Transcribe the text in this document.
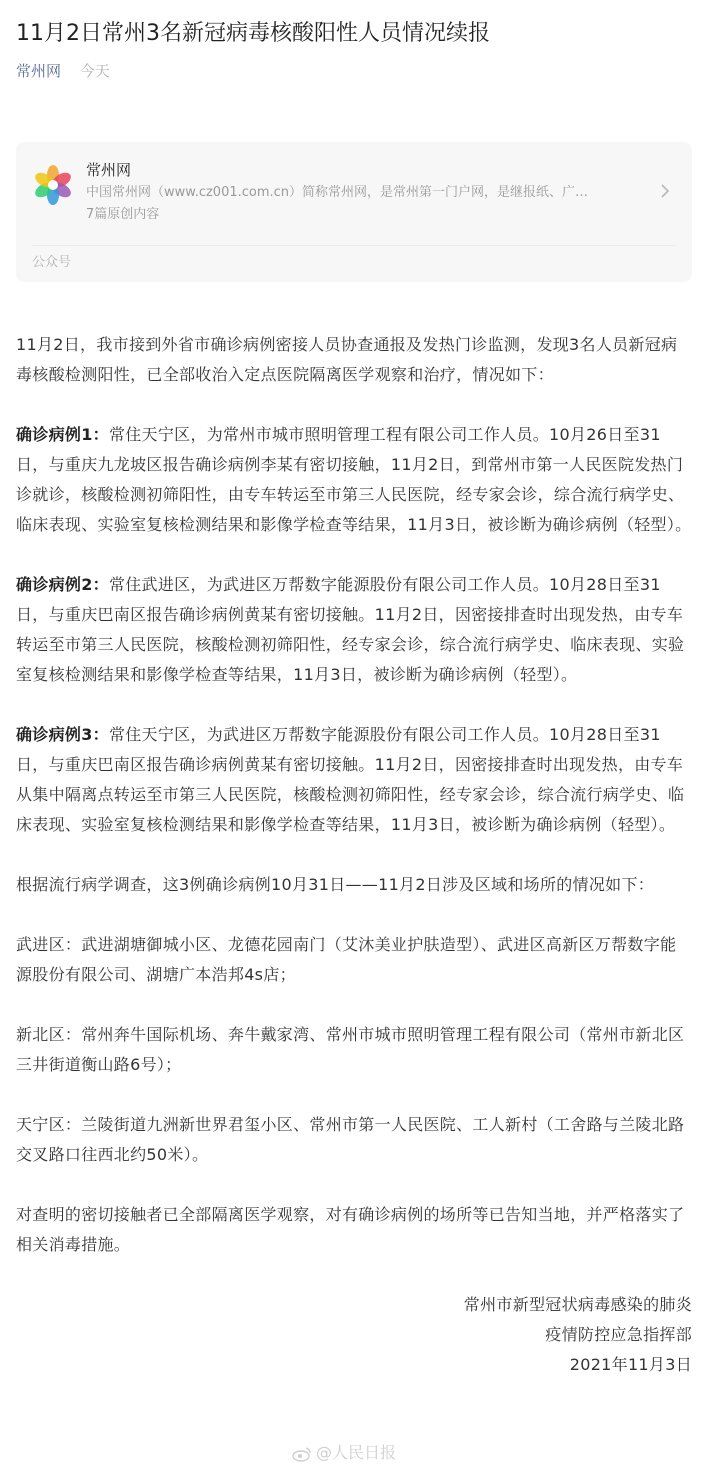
11月2日常州3名新冠病毒核酸阳性人员情况续报
常州网 今天
常州网
中国常州网（www.cz001.com.cn）简称常州网，是常州第一门户网，是继报纸、广…
7篇原创内容
公众号

11月2日，我市接到外省市确诊病例密接人员协查通报及发热门诊监测，发现3名人员新冠病毒核酸检测阳性，已全部收治入定点医院隔离医学观察和治疗，情况如下：

确诊病例1：常住天宁区，为常州市城市照明管理工程有限公司工作人员。10月26日至31日，与重庆九龙坡区报告确诊病例李某有密切接触，11月2日，到常州市第一人民医院发热门诊就诊，核酸检测初筛阳性，由专车转运至市第三人民医院，经专家会诊，综合流行病学史、临床表现、实验室复核检测结果和影像学检查等结果，11月3日，被诊断为确诊病例（轻型）。

确诊病例2：常住武进区，为武进区万帮数字能源股份有限公司工作人员。10月28日至31日，与重庆巴南区报告确诊病例黄某有密切接触。11月2日，因密接排查时出现发热，由专车转运至市第三人民医院，核酸检测初筛阳性，经专家会诊，综合流行病学史、临床表现、实验室复核检测结果和影像学检查等结果，11月3日，被诊断为确诊病例（轻型）。

确诊病例3：常住天宁区，为武进区万帮数字能源股份有限公司工作人员。10月28日至31日，与重庆巴南区报告确诊病例黄某有密切接触。11月2日，因密接排查时出现发热，由专车从集中隔离点转运至市第三人民医院，核酸检测初筛阳性，经专家会诊，综合流行病学史、临床表现、实验室复核检测结果和影像学检查等结果，11月3日，被诊断为确诊病例（轻型）。

根据流行病学调查，这3例确诊病例10月31日——11月2日涉及区域和场所的情况如下：

武进区：武进湖塘御城小区、龙德花园南门（艾沐美业护肤造型）、武进区高新区万帮数字能源股份有限公司、湖塘广本浩邦4s店；

新北区：常州奔牛国际机场、奔牛戴家湾、常州市城市照明管理工程有限公司（常州市新北区三井街道衡山路6号）；

天宁区：兰陵街道九洲新世界君玺小区、常州市第一人民医院、工人新村（工舍路与兰陵北路交叉路口往西北约50米）。

对查明的密切接触者已全部隔离医学观察，对有确诊病例的场所等已告知当地，并严格落实了相关消毒措施。

常州市新型冠状病毒感染的肺炎

疫情防控应急指挥部

2021年11月3日

@人民日报
